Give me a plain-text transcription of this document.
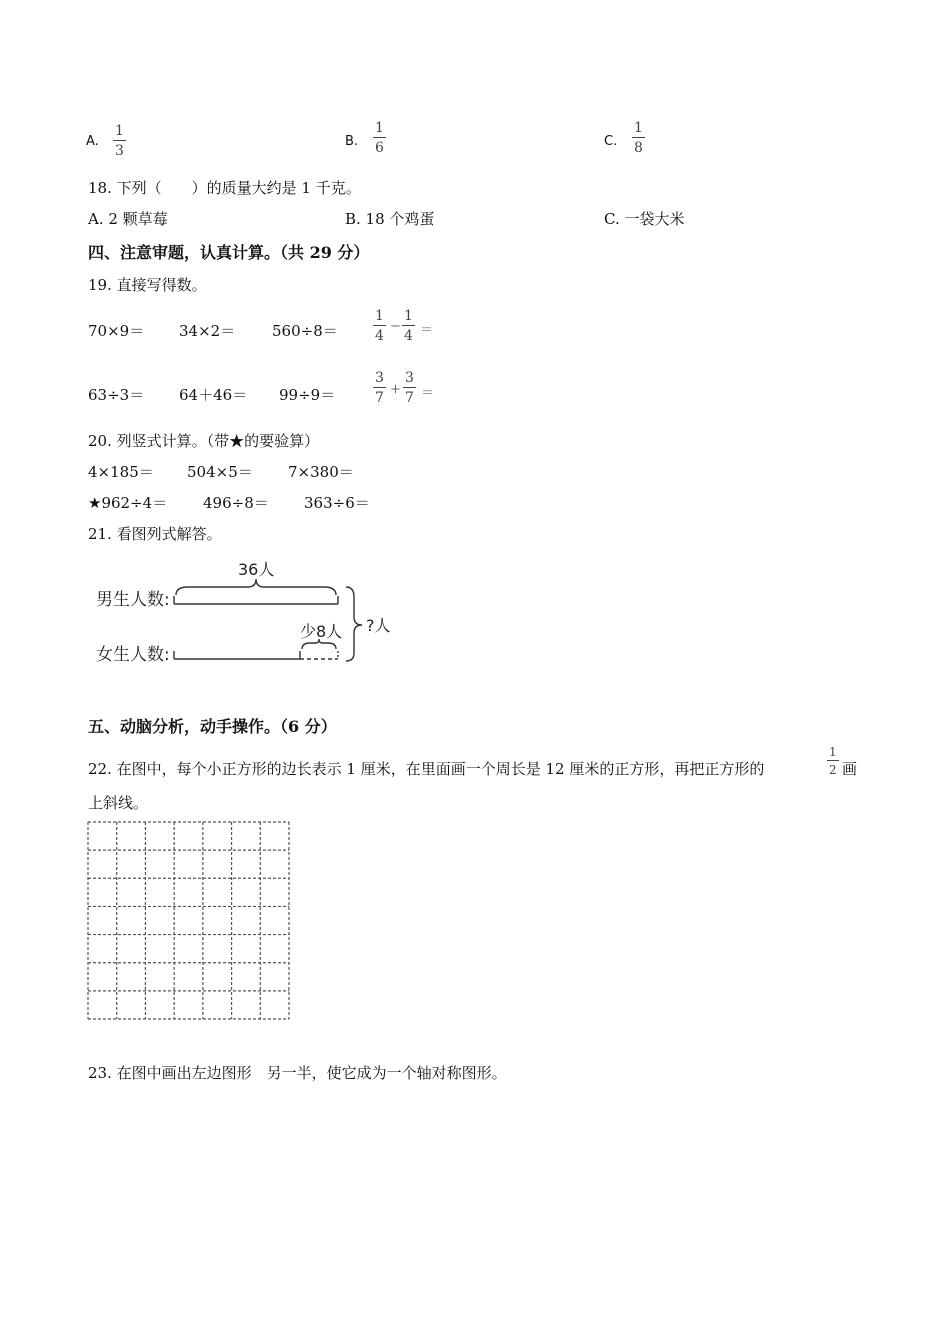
A. $\frac{1}{3}$	B. $\frac{1}{6}$	C. $\frac{1}{8}$
18. 下列（　　）的质量大约是 1 千克。
A. 2 颗草莓	B. 18 个鸡蛋	C. 一袋大米
四、注意审题，认真计算。（共 29 分）
19. 直接写得数。
70×9＝ 34×2＝ 560÷8＝	$\frac{1}{4} - \frac{1}{4}$ ＝
63÷3＝ 64＋46＝ 99÷9＝	$\frac{3}{7} + \frac{3}{7}$ ＝
20. 列竖式计算。（带★的要验算）
4×185＝ 504×5＝ 7×380＝
★962÷4＝ 496÷8＝ 363÷6＝
21. 看图列式解答。
男生人数:
女生人数:
36人
少8人 ?人
五、动脑分析，动手操作。（6 分）
22. 在图中，每个小正方形的边长表示 1 厘米，在里面画一个周长是 12 厘米的正方形，再把正方形的	$\frac{1}{2}$ 画
上斜线。
23. 在图中画出左边图形　另一半，使它成为一个轴对称图形。
